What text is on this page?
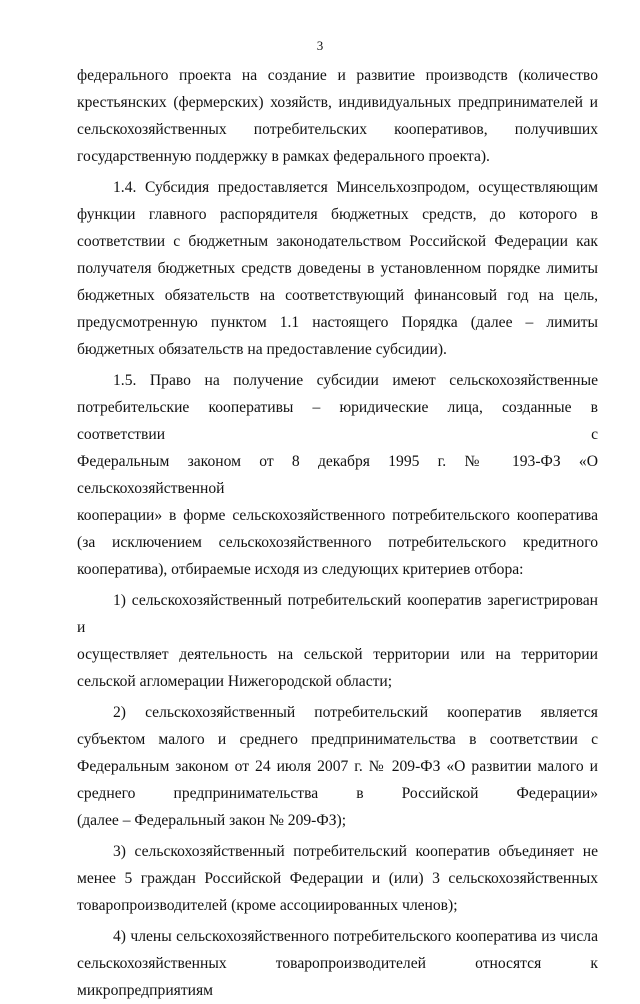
3

федерального проекта на создание и развитие производств (количество

крестьянских (фермерских) хозяйств, индивидуальных предпринимателей и

сельскохозяйственных потребительских кооперативов, получивших

государственную поддержку в рамках федерального проекта).

1.4. Субсидия предоставляется Минсельхозпродом, осуществляющим

функции главного распорядителя бюджетных средств, до которого в

соответствии с бюджетным законодательством Российской Федерации как

получателя бюджетных средств доведены в установленном порядке лимиты

бюджетных обязательств на соответствующий финансовый год на цель,

предусмотренную пунктом 1.1 настоящего Порядка (далее – лимиты

бюджетных обязательств на предоставление субсидии).

1.5. Право на получение субсидии имеют сельскохозяйственные

потребительские кооперативы – юридические лица, созданные в соответствии с

Федеральным законом от 8 декабря 1995 г. № 193-ФЗ «О сельскохозяйственной

кооперации» в форме сельскохозяйственного потребительского кооператива

(за исключением сельскохозяйственного потребительского кредитного

кооператива), отбираемые исходя из следующих критериев отбора:

1) сельскохозяйственный потребительский кооператив зарегистрирован и

осуществляет деятельность на сельской территории или на территории

сельской агломерации Нижегородской области;

2) сельскохозяйственный потребительский кооператив является

субъектом малого и среднего предпринимательства в соответствии с

Федеральным законом от 24 июля 2007 г. № 209-ФЗ «О развитии малого и

среднего предпринимательства в Российской Федерации»

(далее – Федеральный закон № 209-ФЗ);

3) сельскохозяйственный потребительский кооператив объединяет не

менее 5 граждан Российской Федерации и (или) 3 сельскохозяйственных

товаропроизводителей (кроме ассоциированных членов);

4) члены сельскохозяйственного потребительского кооператива из числа

сельскохозяйственных товаропроизводителей относятся к микропредприятиям
